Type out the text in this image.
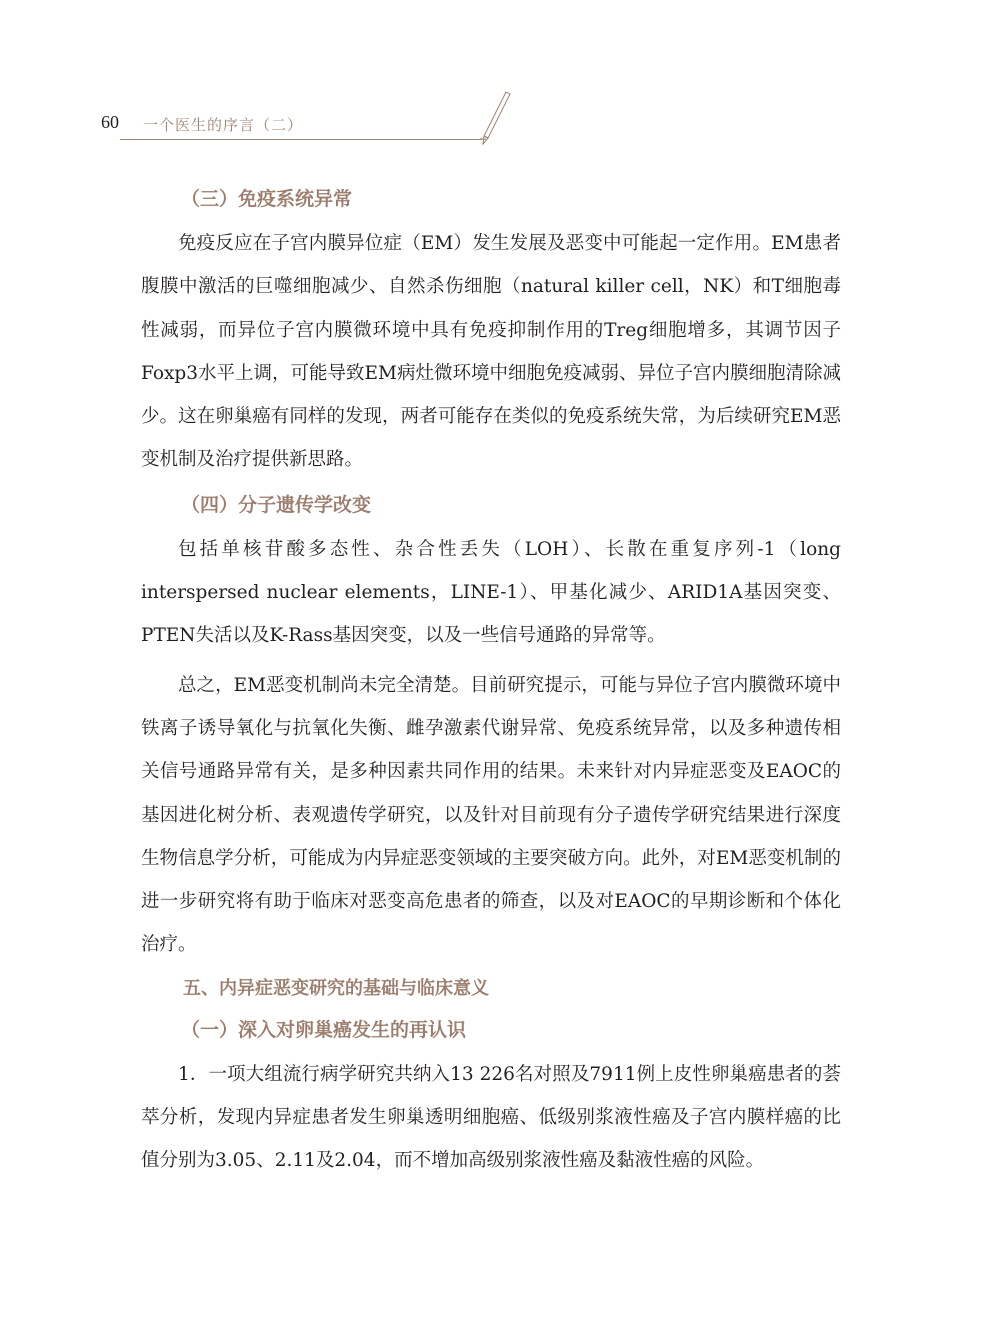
60 一个医生的序言（二）
（三）免疫系统异常

免疫反应在子宫内膜异位症（EM）发生发展及恶变中可能起一定作用。EM患者腹膜中激活的巨噬细胞减少、自然杀伤细胞（natural killer cell，NK）和T细胞毒性减弱，而异位子宫内膜微环境中具有免疫抑制作用的Treg细胞增多，其调节因子Foxp3水平上调，可能导致EM病灶微环境中细胞免疫减弱、异位子宫内膜细胞清除减少。这在卵巢癌有同样的发现，两者可能存在类似的免疫系统失常，为后续研究EM恶变机制及治疗提供新思路。

（四）分子遗传学改变

包括单核苷酸多态性、杂合性丢失（LOH）、长散在重复序列-1（long interspersed nuclear elements，LINE-1）、甲基化减少、ARID1A基因突变、PTEN失活以及K-Rass基因突变，以及一些信号通路的异常等。

总之，EM恶变机制尚未完全清楚。目前研究提示，可能与异位子宫内膜微环境中铁离子诱导氧化与抗氧化失衡、雌孕激素代谢异常、免疫系统异常，以及多种遗传相关信号通路异常有关，是多种因素共同作用的结果。未来针对内异症恶变及EAOC的基因进化树分析、表观遗传学研究，以及针对目前现有分子遗传学研究结果进行深度生物信息学分析，可能成为内异症恶变领域的主要突破方向。此外，对EM恶变机制的进一步研究将有助于临床对恶变高危患者的筛查，以及对EAOC的早期诊断和个体化治疗。

五、内异症恶变研究的基础与临床意义
（一）深入对卵巢癌发生的再认识

1．一项大组流行病学研究共纳入13 226名对照及7911例上皮性卵巢癌患者的荟萃分析，发现内异症患者发生卵巢透明细胞癌、低级别浆液性癌及子宫内膜样癌的比值分别为3.05、2.11及2.04，而不增加高级别浆液性癌及黏液性癌的风险。
